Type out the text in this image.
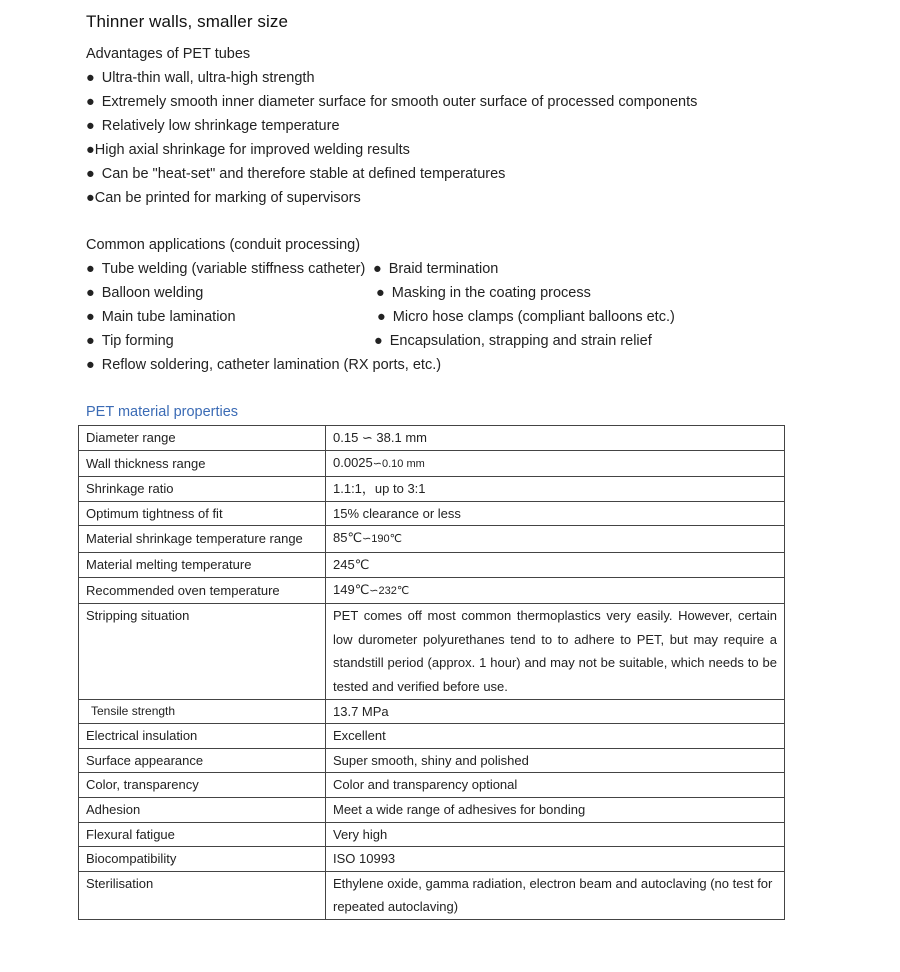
Thinner walls, smaller size
Advantages of PET tubes
● Ultra-thin wall, ultra-high strength
● Extremely smooth inner diameter surface for smooth outer surface of processed components
● Relatively low shrinkage temperature
●High axial shrinkage for improved welding results
● Can be "heat-set" and therefore stable at defined temperatures
●Can be printed for marking of supervisors
Common applications (conduit processing)
● Tube welding (variable stiffness catheter) ● Braid termination
● Balloon welding	● Masking in the coating process
● Main tube lamination	● Micro hose clamps (compliant balloons etc.)
● Tip forming	● Encapsulation, strapping and strain relief
● Reflow soldering, catheter lamination (RX ports, etc.)
PET material properties
Diameter range	0.15 ∽ 38.1 mm
Wall thickness range	0.0025∽0.10 mm
Shrinkage ratio	1.1:1，up to 3:1
Optimum tightness of fit	15% clearance or less
Material shrinkage temperature range	85℃∽190℃
Material melting temperature	245℃
Recommended oven temperature	149℃∽232℃
Stripping situation	PET comes off most common thermoplastics very easily. However, certain low durometer polyurethanes tend to to adhere to PET, but may require a standstill period (approx. 1 hour) and may not be suitable, which needs to be tested and verified before use.
Tensile strength	13.7 MPa
Electrical insulation	Excellent
Surface appearance	Super smooth, shiny and polished
Color, transparency	Color and transparency optional
Adhesion	Meet a wide range of adhesives for bonding
Flexural fatigue	Very high
Biocompatibility	ISO 10993
Sterilisation	Ethylene oxide, gamma radiation, electron beam and autoclaving (no test for repeated autoclaving)
